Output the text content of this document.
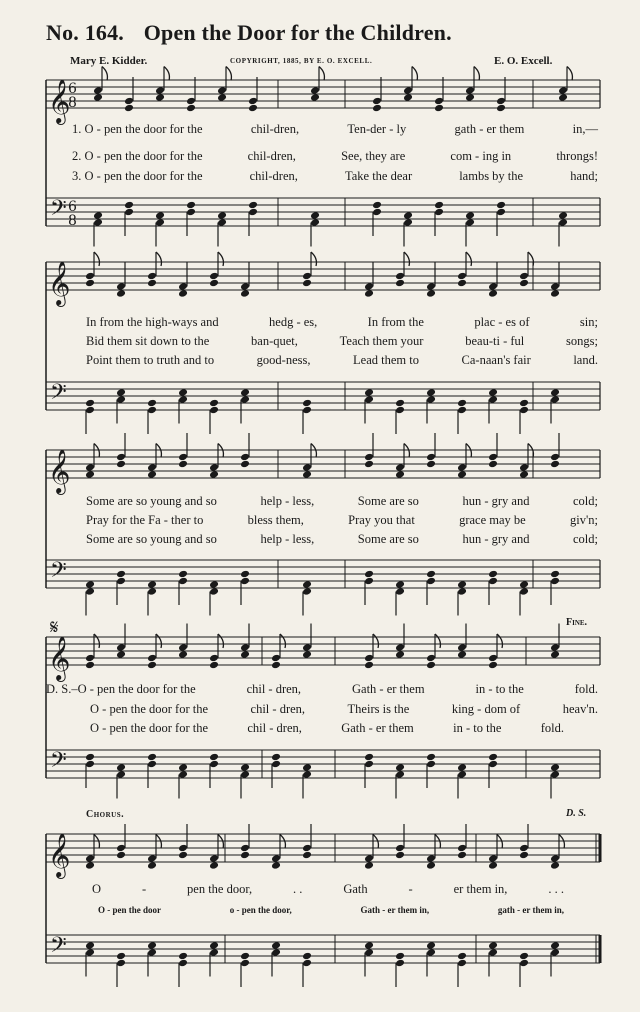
No. 164. Open the Door for the Children.
Mary E. Kidder.	COPYRIGHT, 1885, BY E. O. EXCELL.	E. O. Excell.
𝄞
𝄢
6
8
6
8
𝄞
𝄢
𝄞
𝄢
𝄞
𝄢
𝄞
𝄢
𝄋
1. O - pen the door for the	chil-dren,	Ten-der - ly	gath - er them	in,—
2. O - pen the door for the	chil-dren,	See, they are	com - ing in	throngs!
3. O - pen the door for the	chil-dren,	Take the dear	lambs by the	hand;
In from the high-ways and	hedg - es,	In from the	plac - es of	sin;
Bid them sit down to the	ban-quet,	Teach them your	beau-ti - ful	songs;
Point them to truth and to	good-ness,	Lead them to	Ca-naan's fair	land.
Some are so young and so	help - less,	Some are so	hun - gry and	cold;
Pray for the Fa - ther to	bless them,	Pray you that	grace may be	giv'n;
Some are so young and so	help - less,	Some are so	hun - gry and	cold;
D. S.–O - pen the door for the	chil - dren,	Gath - er them	in - to the	fold.
O - pen the door for the	chil - dren,	Theirs is the	king - dom of	heav'n.
O - pen the door for the	chil - dren,	Gath - er them	in - to the	fold.
Fine.
D. S.
Chorus.
O	-	pen the door,	. .	Gath	-	er them in,	. . .
O - pen the door	o - pen the door,	Gath - er them in,	gath - er them in,
